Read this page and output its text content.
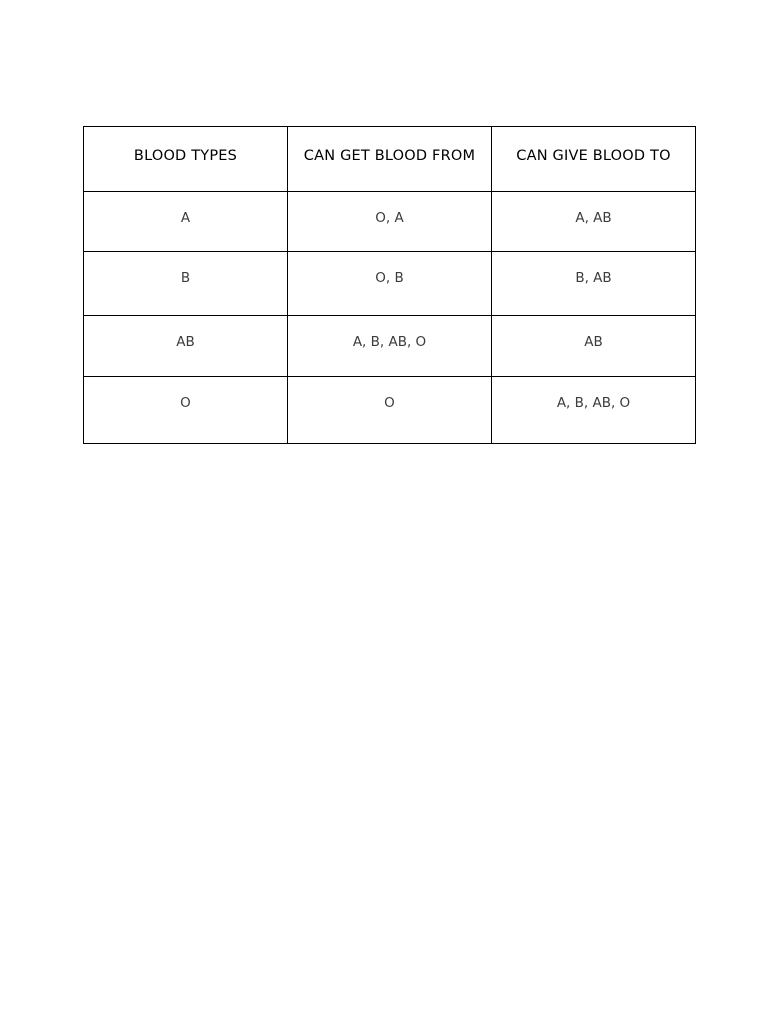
BLOOD TYPES	CAN GET BLOOD FROM	CAN GIVE BLOOD TO
A	O, A	A, AB
B	O, B	B, AB
AB	A, B, AB, O	AB
O	O	A, B, AB, O
